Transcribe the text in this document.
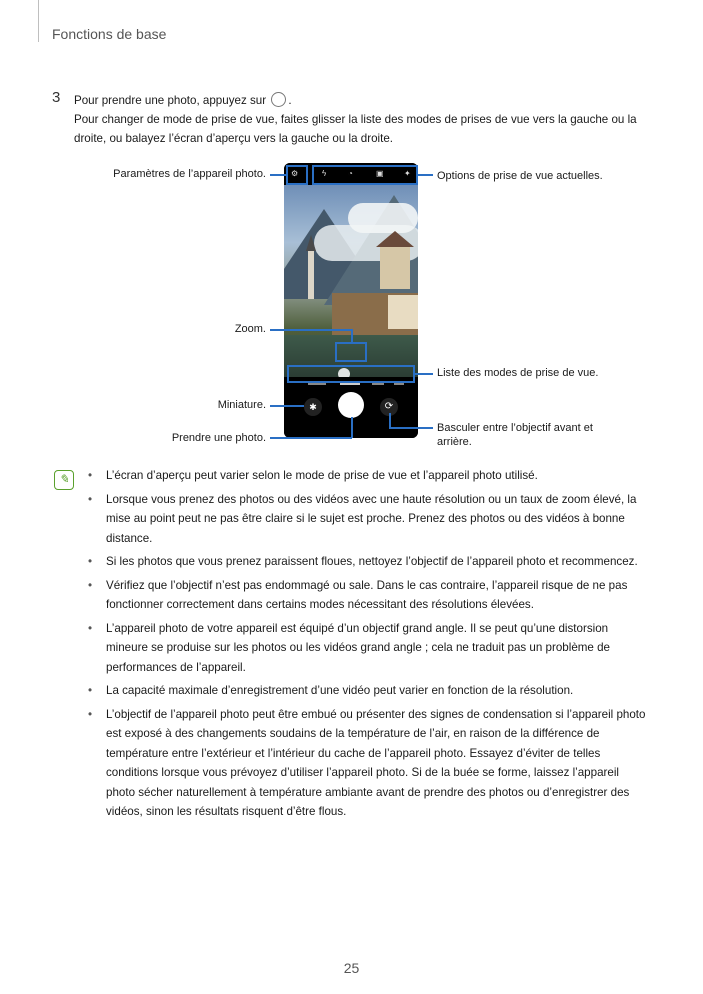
Fonctions de base
3 Pour prendre une photo, appuyez sur .
Pour changer de mode de prise de vue, faites glisser la liste des modes de prises de vue vers la gauche ou la droite, ou balayez l’écran d’aperçu vers la gauche ou la droite.
⚙	ϟ	◔	▣	✦
✱	⟳
Paramètres de l’appareil photo.	Options de prise de vue actuelles.
Zoom.
Liste des modes de prise de vue.
Miniature.
Prendre une photo.
Basculer entre l’objectif avant et arrière.
✎
•	L’écran d’aperçu peut varier selon le mode de prise de vue et l’appareil photo utilisé.
• Lorsque vous prenez des photos ou des vidéos avec une haute résolution ou un taux de zoom élevé, la mise au point peut ne pas être claire si le sujet est proche. Prenez des photos ou des vidéos à bonne distance.
• Si les photos que vous prenez paraissent floues, nettoyez l’objectif de l’appareil photo et recommencez.
• Vérifiez que l’objectif n’est pas endommagé ou sale. Dans le cas contraire, l’appareil risque de ne pas fonctionner correctement dans certains modes nécessitant des résolutions élevées.
• L’appareil photo de votre appareil est équipé d’un objectif grand angle. Il se peut qu’une distorsion mineure se produise sur les photos ou les vidéos grand angle ; cela ne traduit pas un problème de performances de l’appareil.
• La capacité maximale d’enregistrement d’une vidéo peut varier en fonction de la résolution.
• L’objectif de l’appareil photo peut être embué ou présenter des signes de condensation si l’appareil photo est exposé à des changements soudains de la température de l’air, en raison de la différence de température entre l’extérieur et l’intérieur du cache de l’appareil photo. Essayez d’éviter de telles conditions lorsque vous prévoyez d’utiliser l’appareil photo. Si de la buée se forme, laissez l’appareil photo sécher naturellement à température ambiante avant de prendre des photos ou d’enregistrer des vidéos, sinon les résultats risquent d’être flous.
25
